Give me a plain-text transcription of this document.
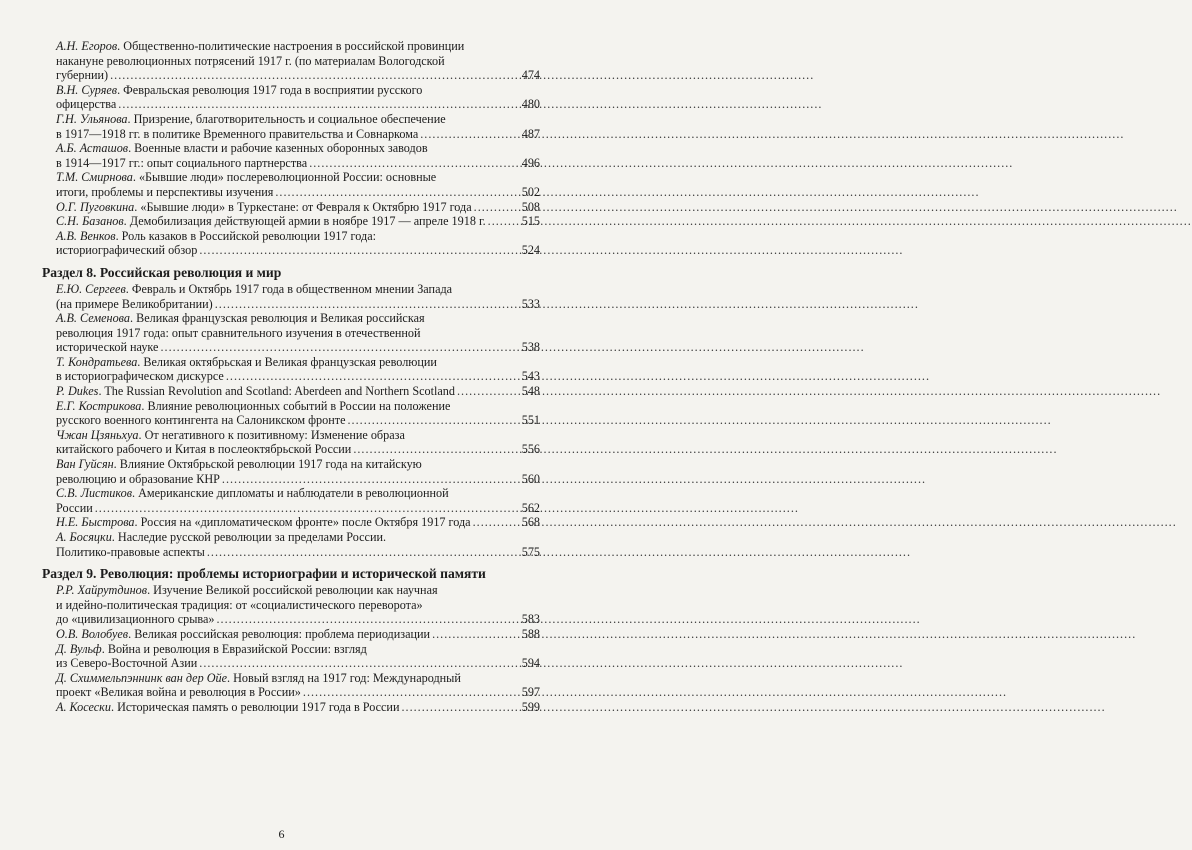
А.Н. Егоров. Общественно-политические настроения в российской провинции
накануне революционных потрясений 1917 г. (по материалам Вологодской
губернии) .....	474
В.Н. Суряев. Февральская революция 1917 года в восприятии русского
офицерства .....	480
Г.Н. Ульянова. Призрение, благотворительность и социальное обеспечение
в 1917—1918 гг. в политике Временного правительства и Совнаркома .....	487
А.Б. Асташов. Военные власти и рабочие казенных оборонных заводов
в 1914—1917 гг.: опыт социального партнерства .....	496
Т.М. Смирнова. «Бывшие люди» послереволюционной России: основные
итоги, проблемы и перспективы изучения .....	502
О.Г. Пуговкина. «Бывшие люди» в Туркестане: от Февраля к Октябрю 1917 года .....	508
С.Н. Базанов. Демобилизация действующей армии в ноябре 1917 — апреле 1918 г. .....	515
А.В. Венков. Роль казаков в Российской революции 1917 года:
историографический обзор .....	524
Раздел 8. Российская революция и мир
Е.Ю. Сергеев. Февраль и Октябрь 1917 года в общественном мнении Запада
(на примере Великобритании) .....	533
А.В. Семенова. Великая французская революция и Великая российская
революция 1917 года: опыт сравнительного изучения в отечественной
исторической науке .....	538
Т. Кондратьева. Великая октябрьская и Великая французская революции
в историографическом дискурсе .....	543
P. Dukes. The Russian Revolution and Scotland: Aberdeen and Northern Scotland .....	548
Е.Г. Кострикова. Влияние революционных событий в России на положение
русского военного контингента на Салоникском фронте .....	551
Чжан Цзяньхуа. От негативного к позитивному: Изменение образа
китайского рабочего и Китая в послеоктябрьской России .....	556
Ван Гуйсян. Влияние Октябрьской революции 1917 года на китайскую
революцию и образование КНР .....	560
С.В. Листиков. Американские дипломаты и наблюдатели в революционной
России .....	562
Н.Е. Быстрова. Россия на «дипломатическом фронте» после Октября 1917 года .....	568
А. Босяцки. Наследие русской революции за пределами России.
Политико-правовые аспекты .....	575
Раздел 9. Революция: проблемы историографии и исторической памяти
Р.Р. Хайрутдинов. Изучение Великой российской революции как научная
и идейно-политическая традиция: от «социалистического переворота»
до «цивилизационного срыва» .....	583
О.В. Волобуев. Великая российская революция: проблема периодизации .....	588
Д. Вульф. Война и революция в Евразийской России: взгляд
из Северо-Восточной Азии .....	594
Д. Схиммельпэннинк ван дер Ойе. Новый взгляд на 1917 год: Международный
проект «Великая война и революция в России» .....	597
А. Косески. Историческая память о революции 1917 года в России .....	599
6
